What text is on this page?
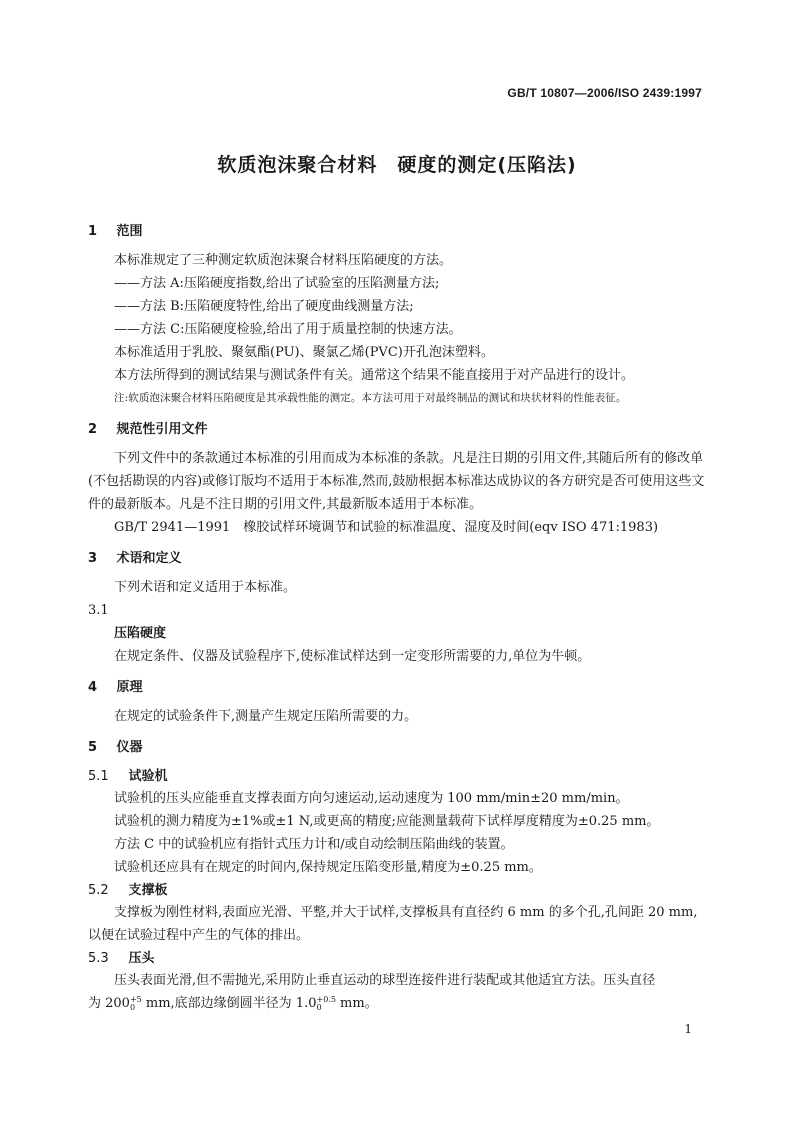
GB/T 10807—2006/ISO 2439:1997
软质泡沫聚合材料　硬度的测定(压陷法)
1 范围

本标准规定了三种测定软质泡沫聚合材料压陷硬度的方法。

——方法 A:压陷硬度指数,给出了试验室的压陷测量方法;

——方法 B:压陷硬度特性,给出了硬度曲线测量方法;

——方法 C:压陷硬度检验,给出了用于质量控制的快速方法。

本标准适用于乳胶、聚氨酯(PU)、聚氯乙烯(PVC)开孔泡沫塑料。

本方法所得到的测试结果与测试条件有关。通常这个结果不能直接用于对产品进行的设计。

注:软质泡沫聚合材料压陷硬度是其承载性能的测定。本方法可用于对最终制品的测试和块状材料的性能表征。

2 规范性引用文件

下列文件中的条款通过本标准的引用而成为本标准的条款。凡是注日期的引用文件,其随后所有的修改单(不包括勘误的内容)或修订版均不适用于本标准,然而,鼓励根据本标准达成协议的各方研究是否可使用这些文件的最新版本。凡是不注日期的引用文件,其最新版本适用于本标准。

GB/T 2941—1991　橡胶试样环境调节和试验的标准温度、湿度及时间(eqv ISO 471:1983)

3 术语和定义

下列术语和定义适用于本标准。

3.1

压陷硬度

在规定条件、仪器及试验程序下,使标准试样达到一定变形所需要的力,单位为牛顿。

4 原理

在规定的试验条件下,测量产生规定压陷所需要的力。

5 仪器
5.1 试验机

试验机的压头应能垂直支撑表面方向匀速运动,运动速度为 100 mm/min±20 mm/min。

试验机的测力精度为±1%或±1 N,或更高的精度;应能测量载荷下试样厚度精度为±0.25 mm。

方法 C 中的试验机应有指针式压力计和/或自动绘制压陷曲线的装置。

试验机还应具有在规定的时间内,保持规定压陷变形量,精度为±0.25 mm。

5.2 支撑板

支撑板为刚性材料,表面应光滑、平整,并大于试样,支撑板具有直径约 6 mm 的多个孔,孔间距 20 mm,以便在试验过程中产生的气体的排出。

5.3 压头

压头表面光滑,但不需抛光,采用防止垂直运动的球型连接件进行装配或其他适宜方法。压头直径

为 200+5
0 mm,底部边缘倒圆半径为 1.0+0.5
0 mm。

1
